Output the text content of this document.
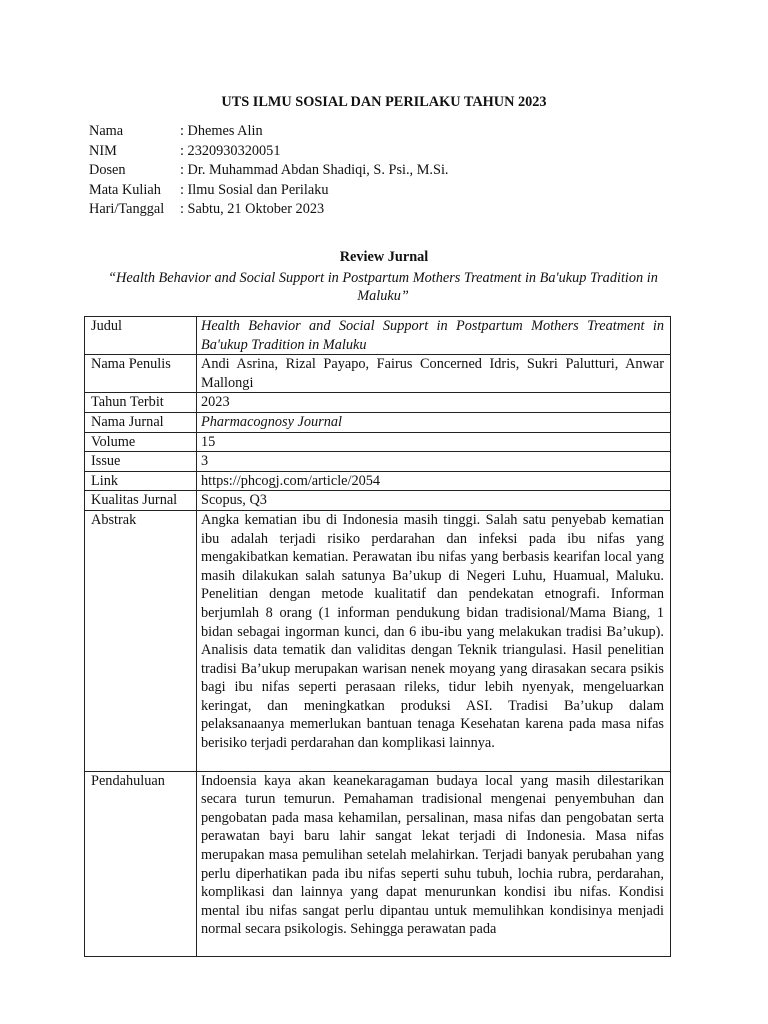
UTS ILMU SOSIAL DAN PERILAKU TAHUN 2023
Nama	: Dhemes Alin
NIM	: 2320930320051
Dosen	: Dr. Muhammad Abdan Shadiqi, S. Psi., M.Si.
Mata Kuliah	: Ilmu Sosial dan Perilaku
Hari/Tanggal	: Sabtu, 21 Oktober 2023
Review Jurnal
“Health Behavior and Social Support in Postpartum Mothers Treatment in Ba'ukup Tradition in Maluku”
Judul	Health Behavior and Social Support in Postpartum Mothers Treatment in Ba'ukup Tradition in Maluku
Nama Penulis	Andi Asrina, Rizal Payapo, Fairus Concerned Idris, Sukri Palutturi, Anwar Mallongi
Tahun Terbit	2023
Nama Jurnal	Pharmacognosy Journal
Volume	15
Issue	3
Link	https://phcogj.com/article/2054
Kualitas Jurnal	Scopus, Q3
Abstrak	Angka kematian ibu di Indonesia masih tinggi. Salah satu penyebab kematian ibu adalah terjadi risiko perdarahan dan infeksi pada ibu nifas yang mengakibatkan kematian. Perawatan ibu nifas yang berbasis kearifan local yang masih dilakukan salah satunya Ba’ukup di Negeri Luhu, Huamual, Maluku. Penelitian dengan metode kualitatif dan pendekatan etnografi. Informan berjumlah 8 orang (1 informan pendukung bidan tradisional/Mama Biang, 1 bidan sebagai ingorman kunci, dan 6 ibu-ibu yang melakukan tradisi Ba’ukup). Analisis data tematik dan validitas dengan Teknik triangulasi. Hasil penelitian tradisi Ba’ukup merupakan warisan nenek moyang yang dirasakan secara psikis bagi ibu nifas seperti perasaan rileks, tidur lebih nyenyak, mengeluarkan keringat, dan meningkatkan produksi ASI. Tradisi Ba’ukup dalam pelaksanaanya memerlukan bantuan tenaga Kesehatan karena pada masa nifas berisiko terjadi perdarahan dan komplikasi lainnya.

Pendahuluan	Indoensia kaya akan keanekaragaman budaya local yang masih dilestarikan secara turun temurun. Pemahaman tradisional mengenai penyembuhan dan pengobatan pada masa kehamilan, persalinan, masa nifas dan pengobatan serta perawatan bayi baru lahir sangat lekat terjadi di Indonesia. Masa nifas merupakan masa pemulihan setelah melahirkan. Terjadi banyak perubahan yang perlu diperhatikan pada ibu nifas seperti suhu tubuh, lochia rubra, perdarahan, komplikasi dan lainnya yang dapat menurunkan kondisi ibu nifas. Kondisi mental ibu nifas sangat perlu dipantau untuk memulihkan kondisinya menjadi normal secara psikologis. Sehingga perawatan pada
